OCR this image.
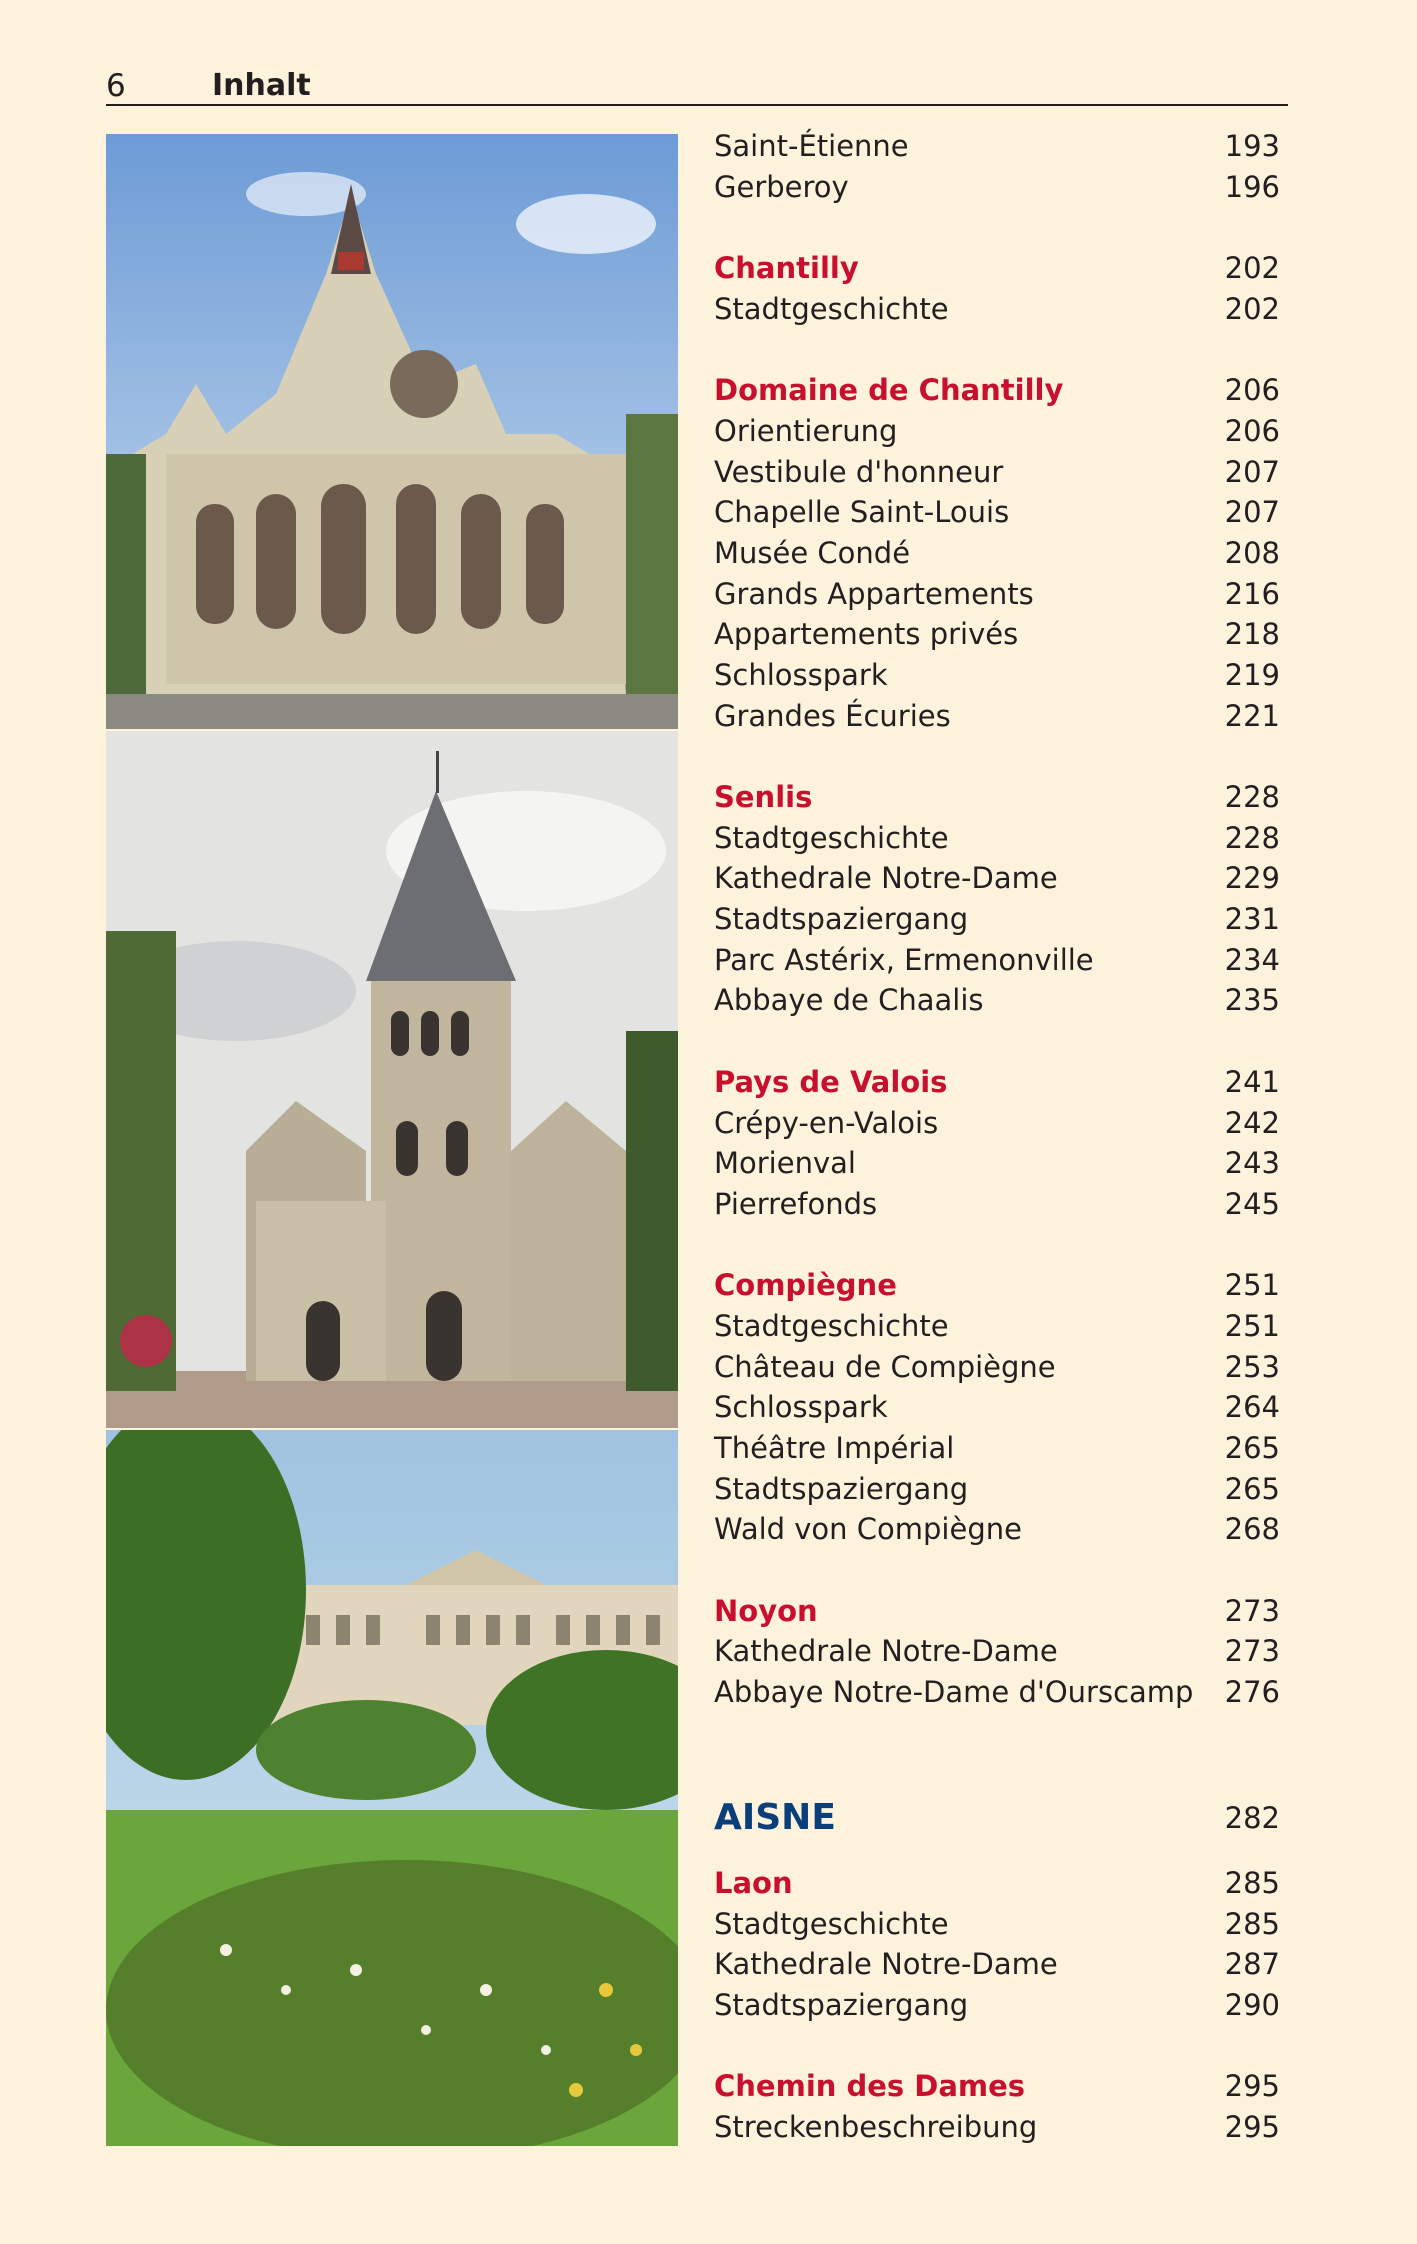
6	Inhalt
Saint-Étienne	193
Gerberoy	196
Chantilly	202
Stadtgeschichte	202
Domaine de Chantilly	206
Orientierung	206
Vestibule d'honneur	207
Chapelle Saint-Louis	207
Musée Condé	208
Grands Appartements	216
Appartements privés	218
Schlosspark	219
Grandes Écuries	221
Senlis	228
Stadtgeschichte	228
Kathedrale Notre-Dame	229
Stadtspaziergang	231
Parc Astérix, Ermenonville	234
Abbaye de Chaalis	235
Pays de Valois	241
Crépy-en-Valois	242
Morienval	243
Pierrefonds	245
Compiègne	251
Stadtgeschichte	251
Château de Compiègne	253
Schlosspark	264
Théâtre Impérial	265
Stadtspaziergang	265
Wald von Compiègne	268
Noyon	273
Kathedrale Notre-Dame	273
Abbaye Notre-Dame d'Ourscamp 276
AISNE	282
Laon	285
Stadtgeschichte	285
Kathedrale Notre-Dame	287
Stadtspaziergang	290
Chemin des Dames	295
Streckenbeschreibung	295
